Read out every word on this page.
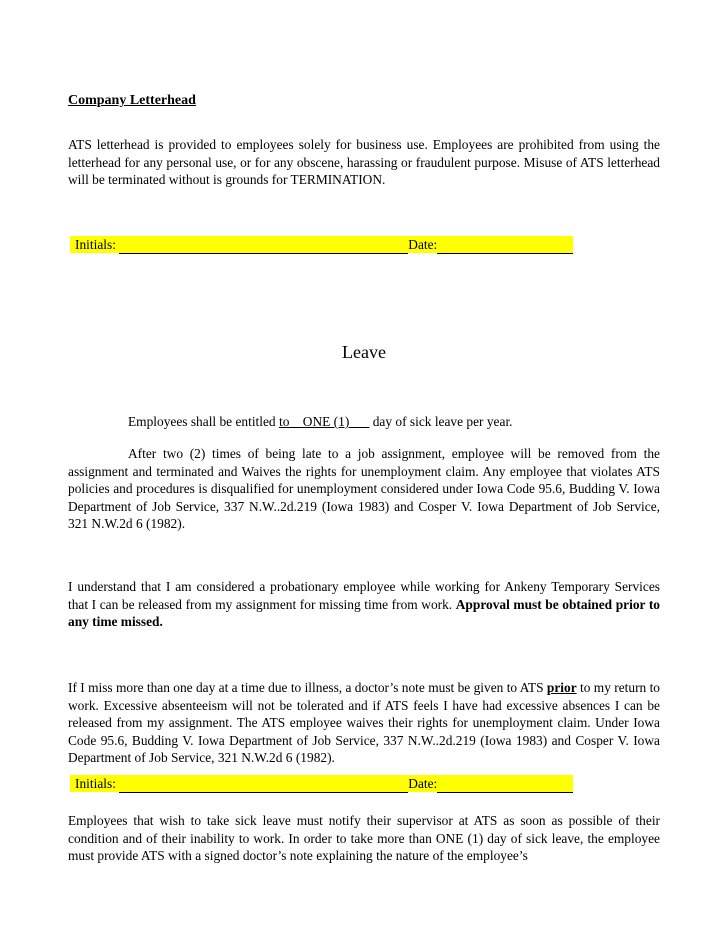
Company Letterhead
ATS letterhead is provided to employees solely for business use. Employees are prohibited from using the letterhead for any personal use, or for any obscene, harassing or fraudulent purpose. Misuse of ATS letterhead will be terminated without is grounds for TERMINATION.
Initials:	Date:
Leave
Employees shall be entitled to ONE (1)       day of sick leave per year.
After two (2) times of being late to a job assignment, employee will be removed from the assignment and terminated and Waives the rights for unemployment claim. Any employee that violates ATS policies and procedures is disqualified for unemployment considered under Iowa Code 95.6, Budding V. Iowa Department of Job Service, 337 N.W..2d.219 (Iowa 1983) and Cosper V. Iowa Department of Job Service, 321 N.W.2d 6 (1982).
I understand that I am considered a probationary employee while working for Ankeny Temporary Services that I can be released from my assignment for missing time from work. Approval must be obtained prior to any time missed.
If I miss more than one day at a time due to illness, a doctor’s note must be given to ATS prior to my return to work. Excessive absenteeism will not be tolerated and if ATS feels I have had excessive absences I can be released from my assignment. The ATS employee waives their rights for unemployment claim. Under Iowa Code 95.6, Budding V. Iowa Department of Job Service, 337 N.W..2d.219 (Iowa 1983) and Cosper V. Iowa Department of Job Service, 321 N.W.2d 6 (1982).
Initials:	Date:
Employees that wish to take sick leave must notify their supervisor at ATS as soon as possible of their condition and of their inability to work. In order to take more than ONE (1) day of sick leave, the employee must provide ATS with a signed doctor’s note explaining the nature of the employee’s
